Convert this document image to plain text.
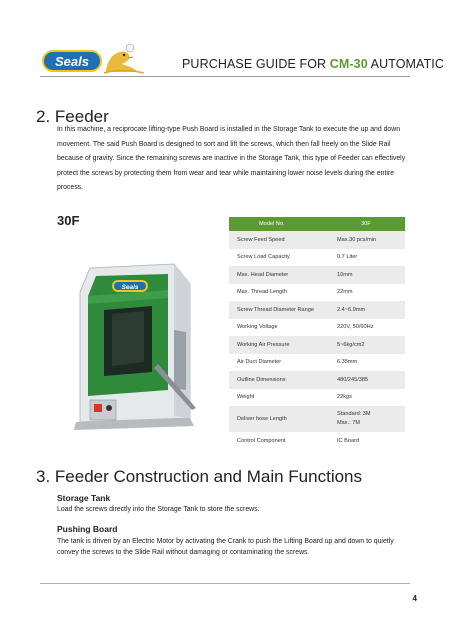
Seals	PURCHASE GUIDE FOR CM-30 AUTOMATIC
2. Feeder
In this machine, a reciprocate lifting-type Push Board is installed in the Storage Tank to execute the up and down movement. The said Push Board is designed to sort and lift the screws, which then fall freely on the Slide Rail because of gravity. Since the remaining screws are inactive in the Storage Tank, this type of Feeder can effectively protect the screws by protecting them from wear and tear while maintaining lower noise levels during the entire process.
30F
Seals
Model No.	30F
Screw Feed Speed	Max.30 pcs/min
Screw Load Capacity	0.7 Liter
Max. Head Diameter	10mm
Max. Thread Length	22mm
Screw Thread Diameter Range	2.4~6.0mm
Working Voltage	220V, 50/60Hz
Working Air Pressure	5~6kg/cm2
Air Duct Diameter	6.35mm
Outline Dimensions	480/245/385
Weight	22kgs
Deliver hose Length	Standard: 3M
Max.: 7M

Control Component	IC Board
3. Feeder Construction and Main Functions
Storage Tank
Load the screws directly into the Storage Tank to store the screws.
Pushing Board
The tank is driven by an Electric Motor by activating the Crank to push the Lifting Board up and down to quietly convey the screws to the Slide Rail without damaging or contaminating the screws.
4
